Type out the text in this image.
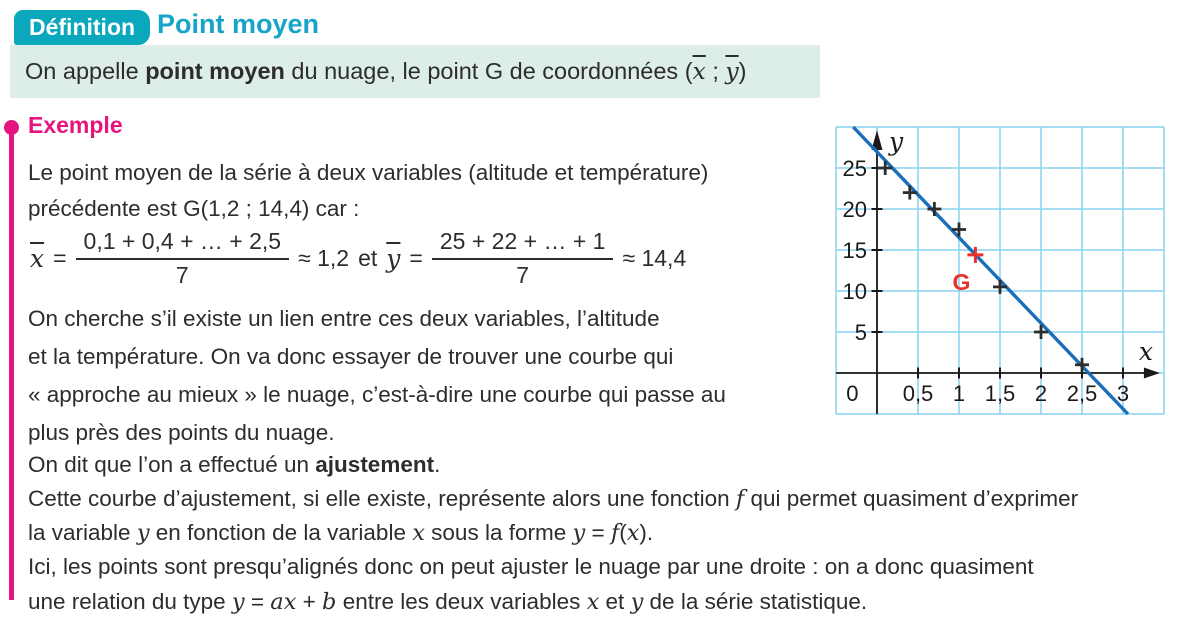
Définition Point moyen
On appelle point moyen du nuage, le point G de coordonnées ($\overline{x}$ ; $\overline{y}$)
Exemple
Le point moyen de la série à deux variables (altitude et température)
précédente est G(1,2 ; 14,4) car :
$\overline{x} = \frac{0,1 + 0,4 + \dots + 2,5}{7} \approx 1,2$ et $\overline{y} = \frac{25 + 22 + \dots + 1}{7} \approx 14,4$
On cherche s’il existe un lien entre ces deux variables, l’altitude
et la température. On va donc essayer de trouver une courbe qui
« approche au mieux » le nuage, c’est-à-dire une courbe qui passe au
plus près des points du nuage.
On dit que l’on a effectué un ajustement.
Cette courbe d’ajustement, si elle existe, représente alors une fonction f qui permet quasiment d’exprimer
la variable y en fonction de la variable x sous la forme y = f(x).
Ici, les points sont presqu’alignés donc on peut ajuster le nuage par une droite : on a donc quasiment
une relation du type y = ax + b entre les deux variables x et y de la série statistique.
0,5 1 1,5 2 2,5 3
5
10
15
20
25
0
y
x
G
